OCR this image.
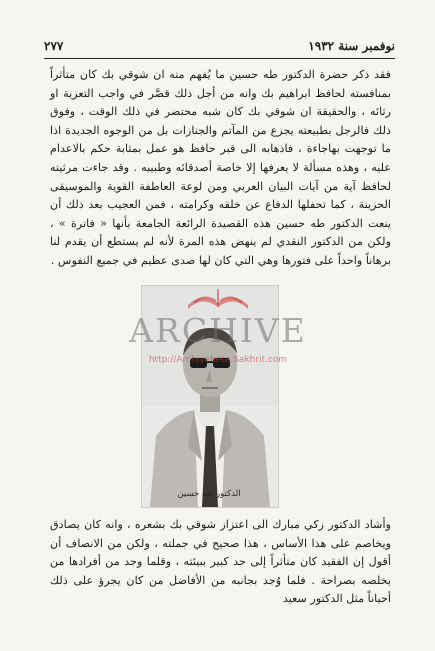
نوفمبر سنة ١٩٣٢
٢٧٧

فقد ذكر حضرة الدكتور طه حسين ما يُفهم منه ان شوقي بك كان متأثراً بمنافسته لحافظ ابراهيم بك وانه من أجل ذلك قصَّر في واجب التعزية او رثائه ، والحقيقة ان شوقي بك كان شبه محتضر في ذلك الوقت ، وفوق ذلك فالرجل بطبيعته يجزع من المآتم والجنازات بل من الوجوه الجديدة اذا ما توجهت بهاجاءة ، فاذهابه الى قبر حافظ هو عمل بمثابة حكم بالاعدام عليه ، وهذه مسألة لا يعرفها إلا خاصة أصدقائه وطبيبه . وقد جاءت مرثيته لحافظ آية من آيات البيان العربي ومن لوعة العاطفة القوية والموسيقى الحزينة ، كما تحفلها الدفاع عن خلقه وكرامته ، فمن العجيب بعد ذلك أن ينعت الدكتور طه حسين هذه القصيدة الرائعة الجامعة بأنها « فاترة » ، ولكن من الدكتور النقدي لم ينهض هذه المرة لأنه لم يستطع أن يقدم لنا برهاناً واحداً على فتورها وهي التي كان لها صدى عظيم في جميع النفوس .

الدكتور طه حسين
ARCHIVE
http://Archivebeta.Sakhrit.com

وأشاد الدكتور زكي مبارك الى اعتزاز شوقي بك بشعره ، وانه كان يصادق ويخاصم على هذا الأساس ، هذا صحيح في جملته ، ولكن من الانصاف أن أقول إن الفقيد كان متأثراً إلى حد كبير ببيئته ، وقلما وجد من أفرادها من يخلصه بصراحة . فلما وُجد بجانبه من الأفاضل من كان يجرؤ على ذلك أحياناً مثل الدكتور سعيد
